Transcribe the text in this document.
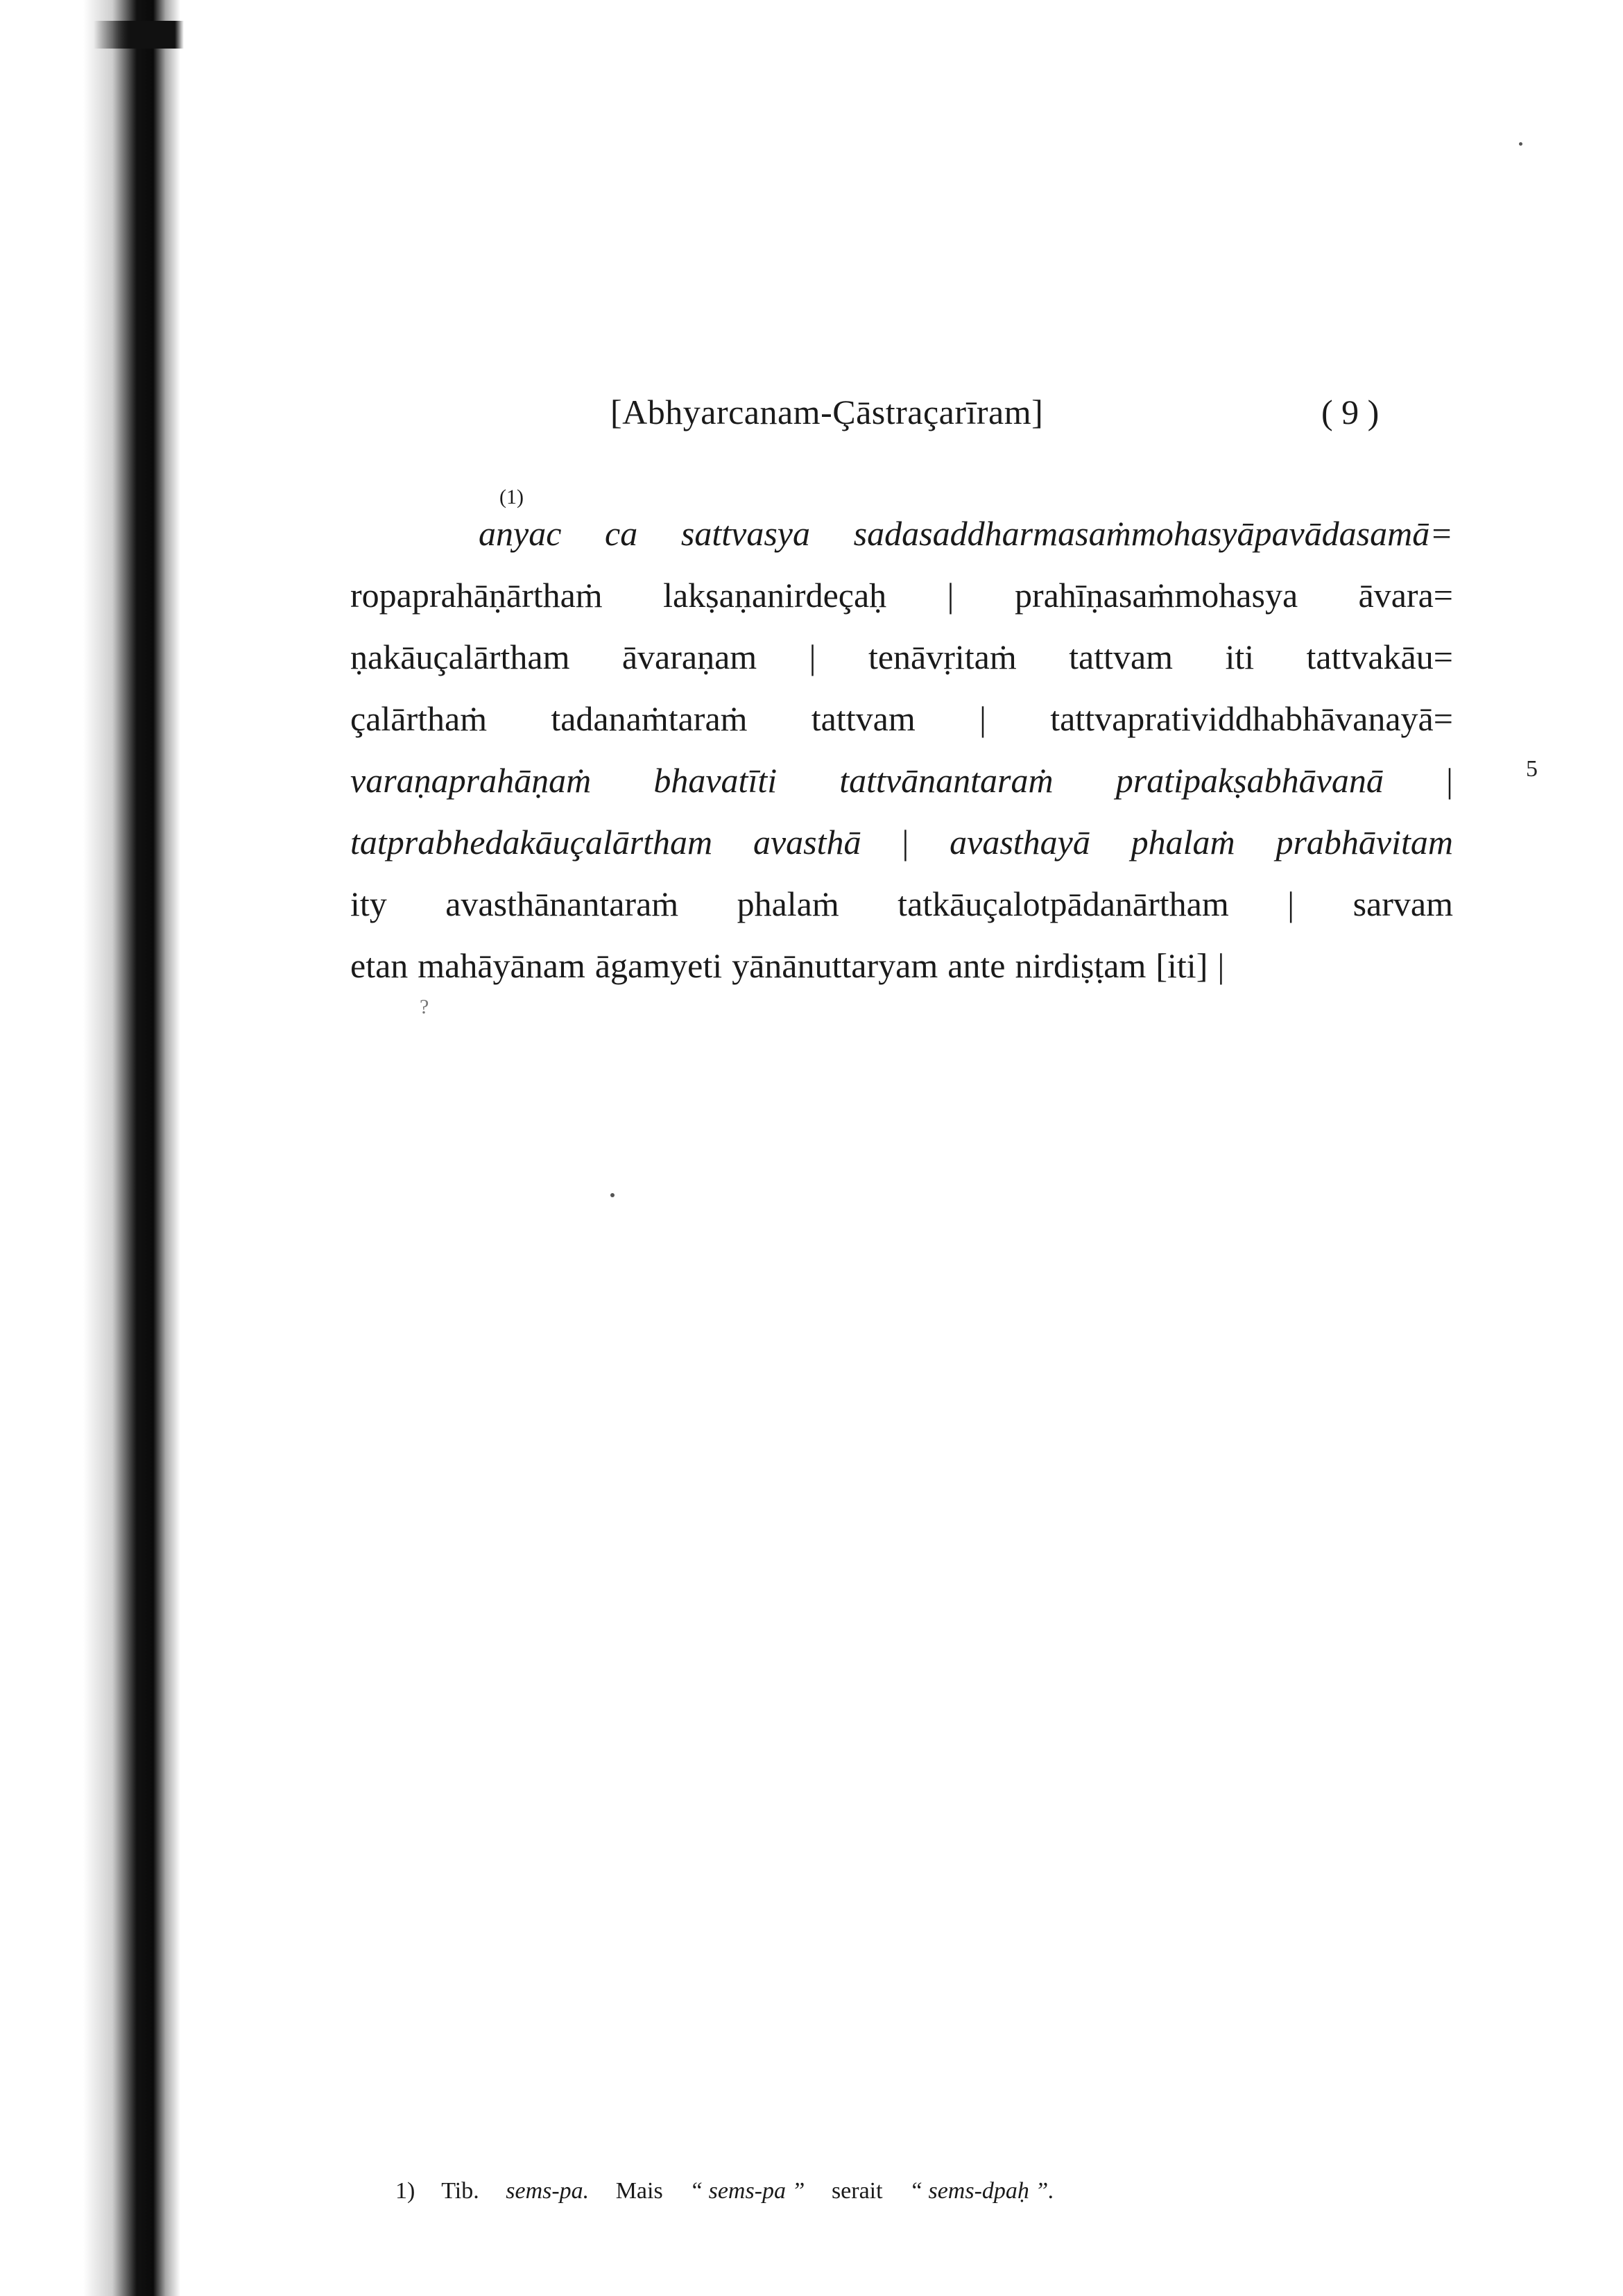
[Abhyarcanam-Çāstraçarīram]	( 9 )
(1)
anyac ca sattvasya sadasaddharmasaṁmohasyāpavādasamā=
ropaprahāṇārthaṁ lakṣaṇanirdeçaḥ | prahīṇasaṁmohasya āvara=
ṇakāuçalārtham āvaraṇam | tenāvṛitaṁ tattvam iti tattvakāu=
çalārthaṁ tadanaṁtaraṁ tattvam | tattvapratividdhabhāvanayā=
varaṇaprahāṇaṁ bhavatīti tattvānantaraṁ pratipakṣabhāvanā |
tatprabhedakāuçalārtham avasthā | avasthayā phalaṁ prabhāvitam
ity avasthānantaraṁ phalaṁ tatkāuçalotpādanārtham | sarvam
etan mahāyānam āgamyeti yānānuttaryam ante nirdiṣṭam [iti] |
5
?
1) Tib. sems-pa. Mais “ sems-pa ” serait “ sems-dpaḥ ”.
